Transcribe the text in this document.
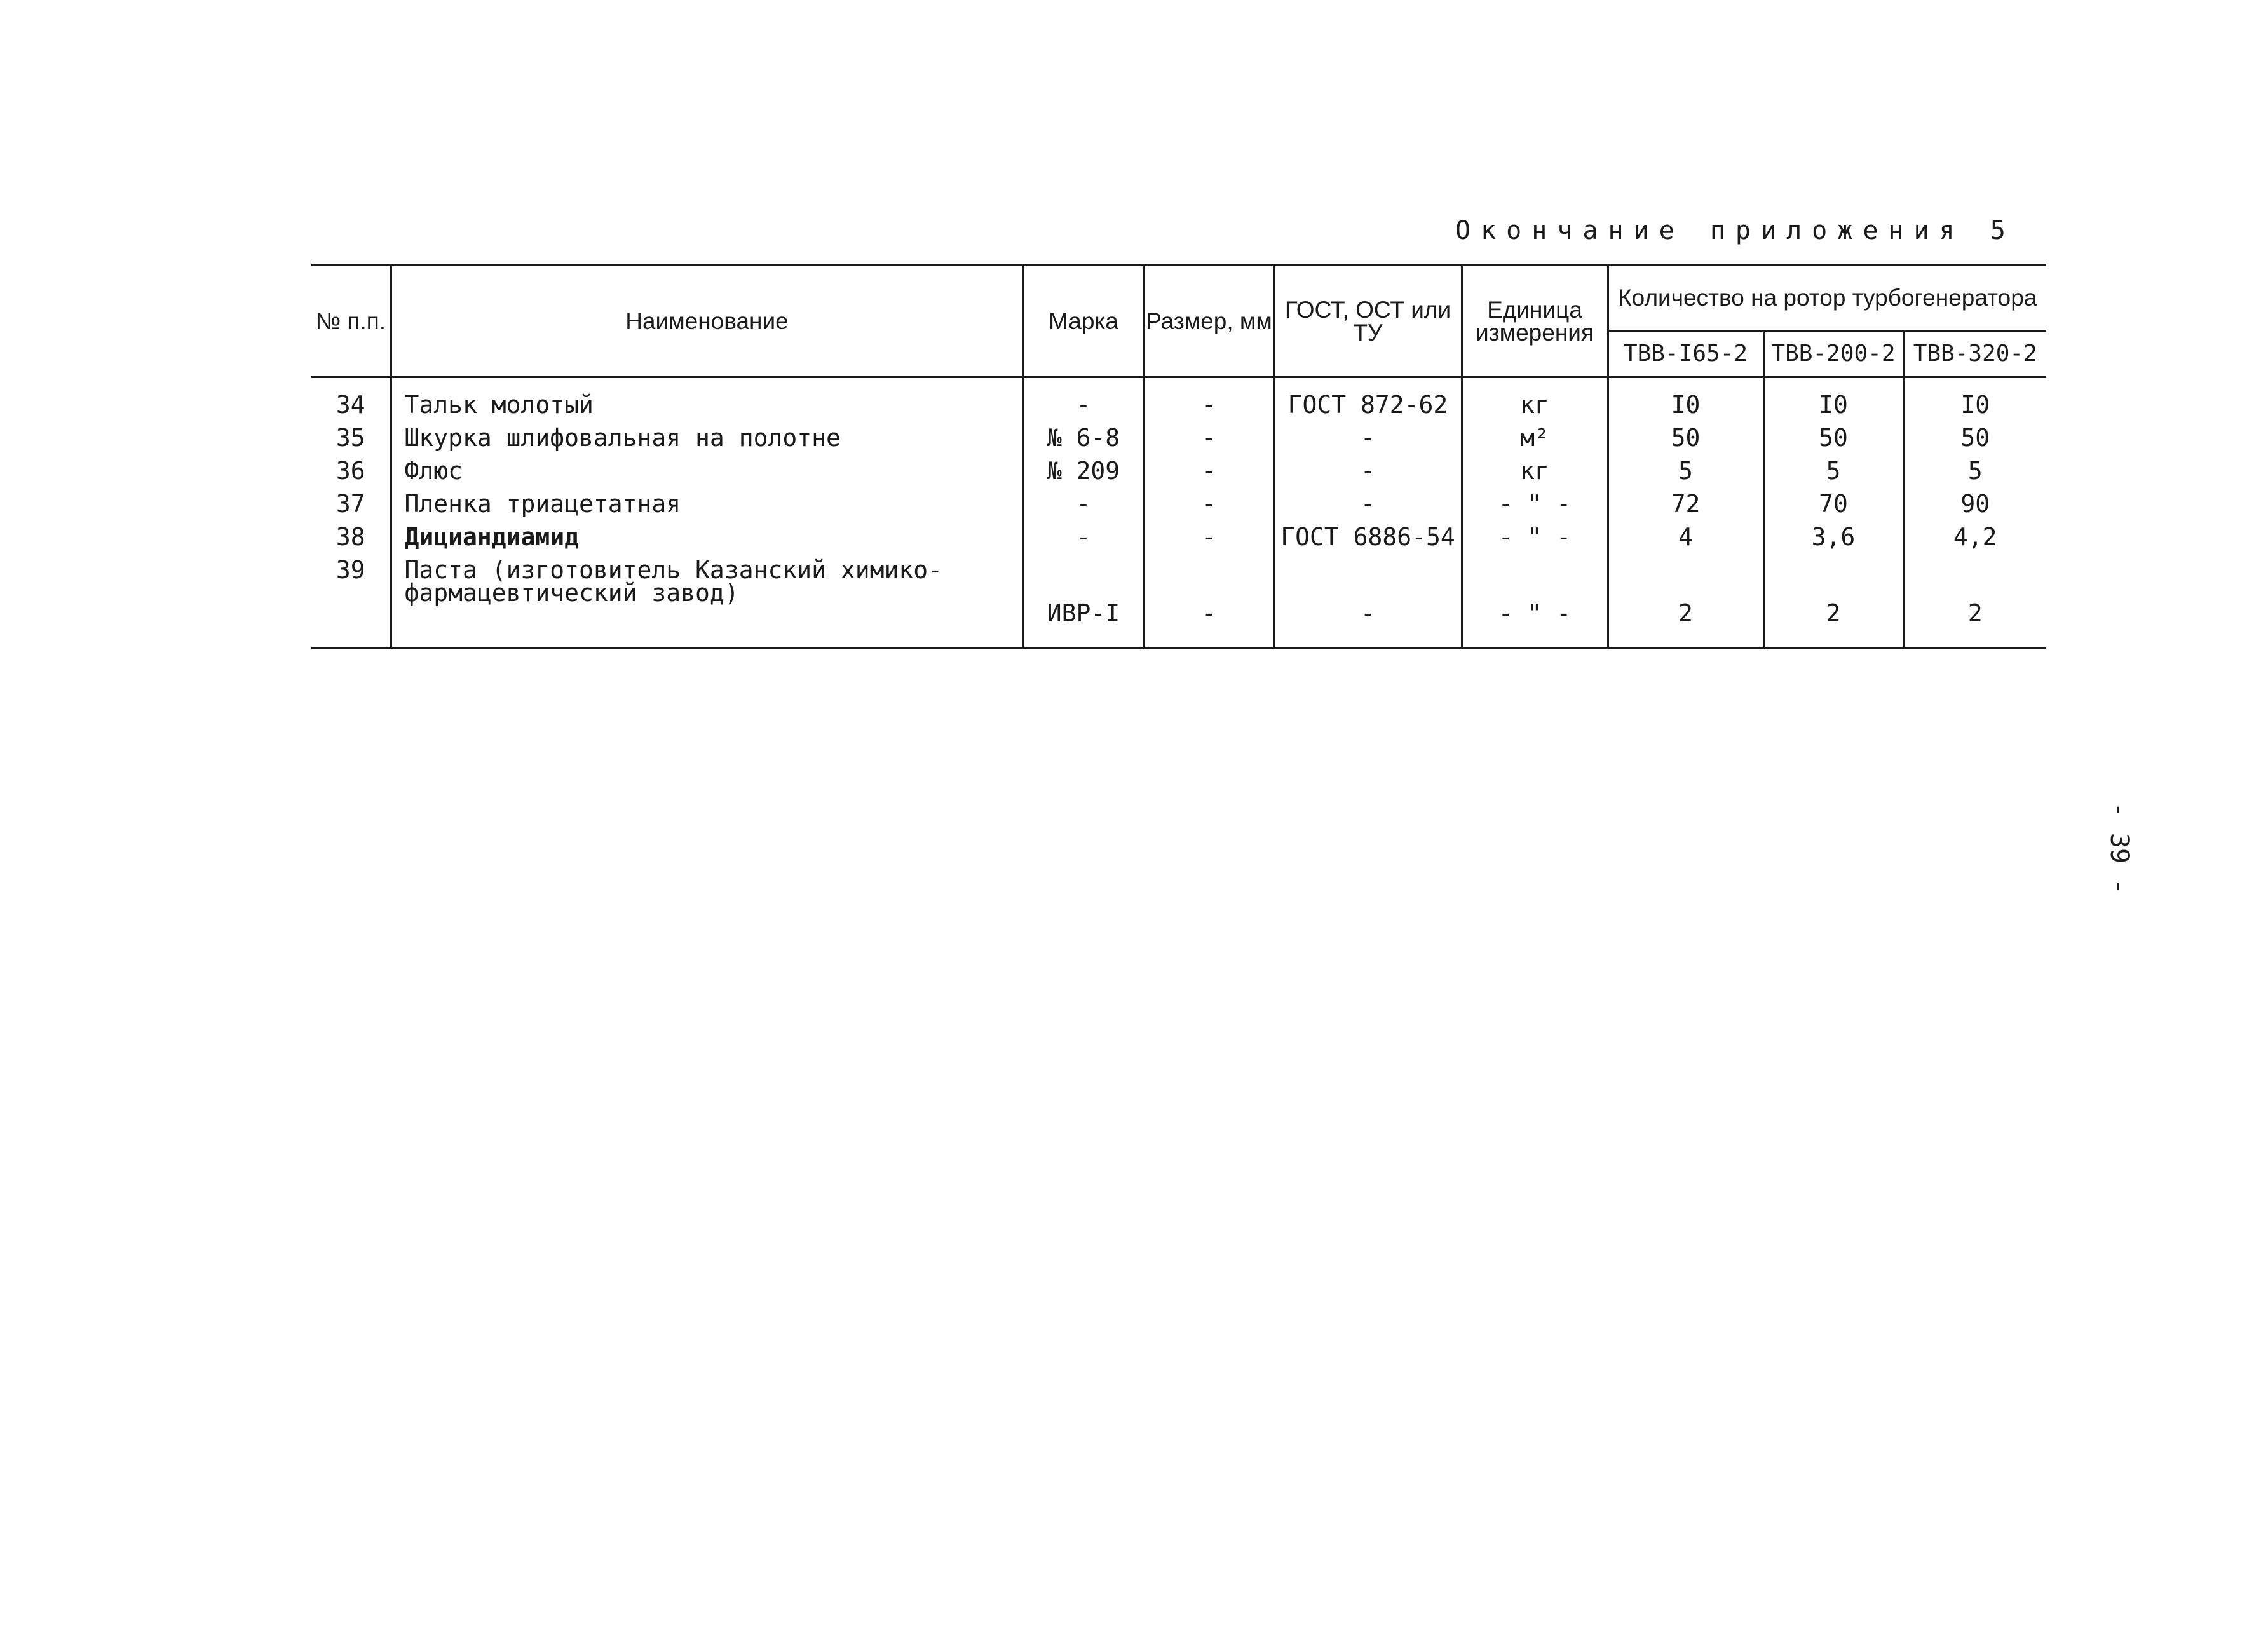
Окончание приложения 5
№ п.п.	Наименование	Марка	Размер, мм	ГОСТ, ОСТ или ТУ	Единица измерения	Количество на ротор турбогенератора		
						ТВВ-I65-2	ТВВ-200-2	ТВВ-320-2
34	Тальк молотый	-	-	ГОСТ 872-62	кг	I0	I0	I0
35	Шкурка шлифовальная на полотне	№ 6-8	-	-	м²	50	50	50
36	Флюс	№ 209	-	-	кг	5	5	5
37	Пленка триацетатная	-	-	-	- " -	72	70	90
38	Дициандиамид	-	-	ГОСТ 6886-54	- " -	4	3,6	4,2
39	Паста (изготовитель Казанский химико-фармацевтический завод)	ИВР-I	-	-	- " -	2	2	2

- 39 -
